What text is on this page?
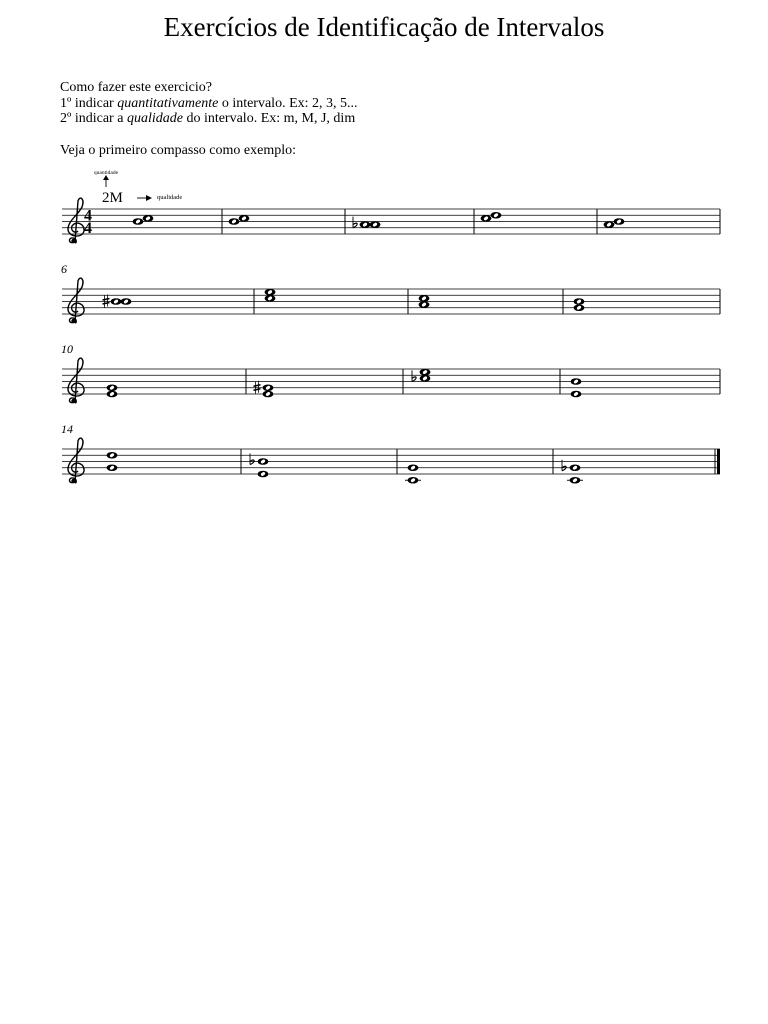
Exercícios de Identificação de Intervalos

Como fazer este exercicio?

1º indicar quantitativamente o intervalo. Ex: 2, 3, 5...

2º indicar a qualidade do intervalo. Ex: m, M, J, dim

Veja o primeiro compasso como exemplo:
4
4
6
10
14
2M
quantidade
qualidade
